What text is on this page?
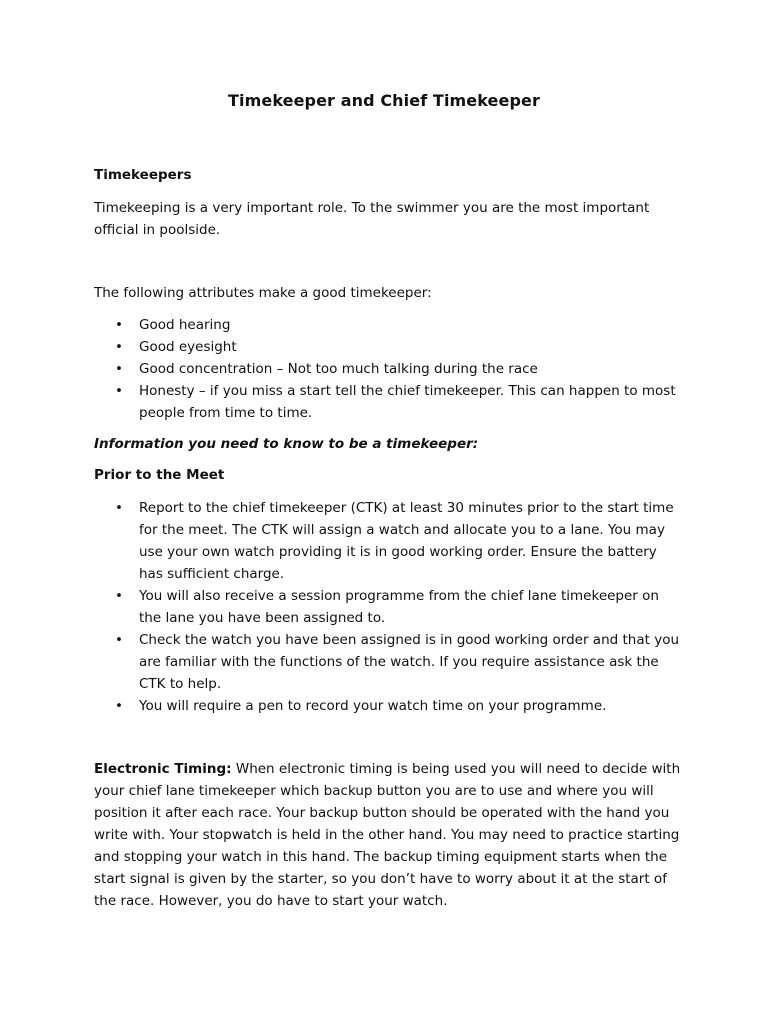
Timekeeper and Chief Timekeeper

Timekeepers

Timekeeping is a very important role. To the swimmer you are the most important official in poolside.

The following attributes make a good timekeeper:

• Good hearing
• Good eyesight
• Good concentration – Not too much talking during the race
• Honesty – if you miss a start tell the chief timekeeper. This can happen to most people from time to time.

Information you need to know to be a timekeeper:

Prior to the Meet

• Report to the chief timekeeper (CTK) at least 30 minutes prior to the start time for the meet. The CTK will assign a watch and allocate you to a lane. You may use your own watch providing it is in good working order. Ensure the battery has sufficient charge.
• You will also receive a session programme from the chief lane timekeeper on the lane you have been assigned to.
• Check the watch you have been assigned is in good working order and that you are familiar with the functions of the watch. If you require assistance ask the CTK to help.
• You will require a pen to record your watch time on your programme.

Electronic Timing: When electronic timing is being used you will need to decide with your chief lane timekeeper which backup button you are to use and where you will position it after each race. Your backup button should be operated with the hand you write with. Your stopwatch is held in the other hand. You may need to practice starting and stopping your watch in this hand. The backup timing equipment starts when the start signal is given by the starter, so you don’t have to worry about it at the start of the race. However, you do have to start your watch.
